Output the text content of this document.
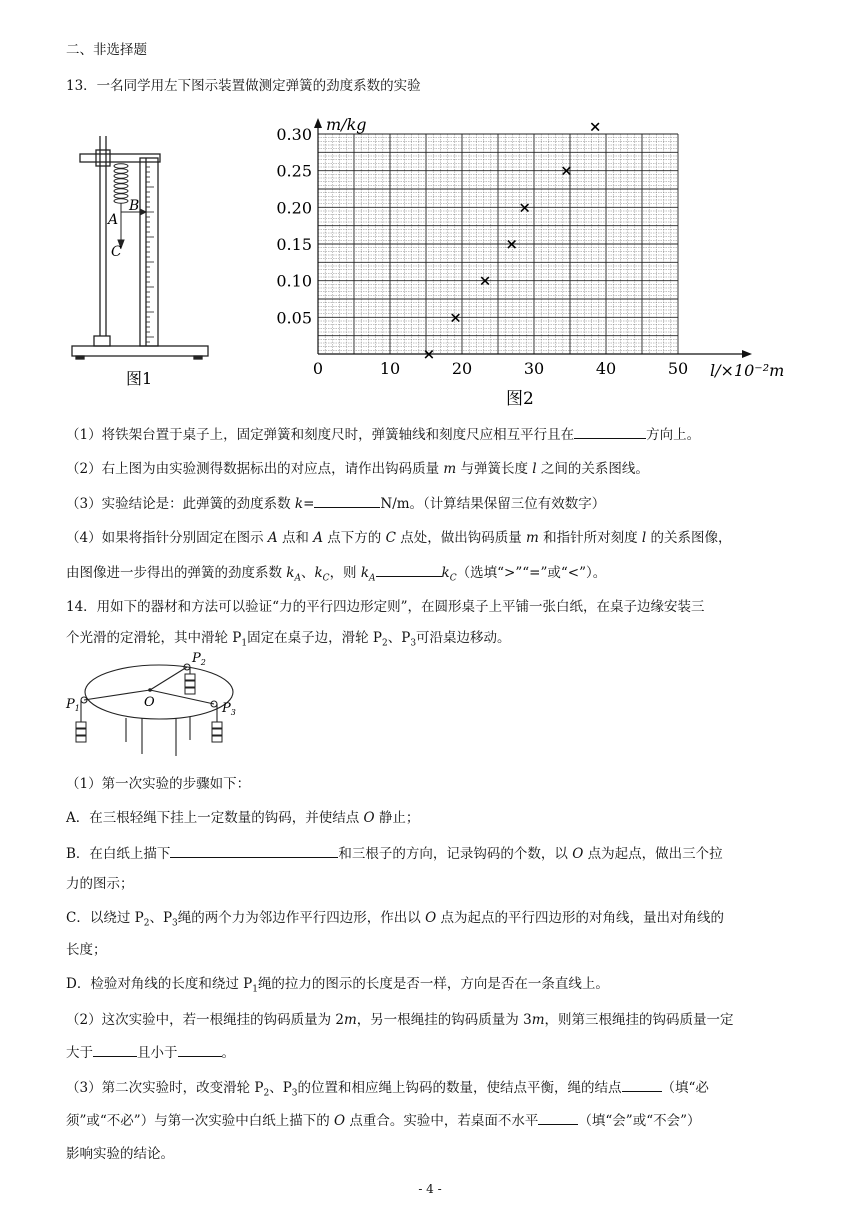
二、非选择题
13．一名同学用左下图示装置做测定弹簧的劲度系数的实验
B
A
C
图1
0	10	20	30	40	50
0.05
0.10
0.15
0.20
0.25
0.30
×
×
×
×
×
×
×
m/kg
l/×10⁻²m
图2
（1）将铁架台置于桌子上，固定弹簧和刻度尺时，弹簧轴线和刻度尺应相互平行且在	方向上。
（2）右上图为由实验测得数据标出的对应点，请作出钩码质量 m 与弹簧长度 l 之间的关系图线。
（3）实验结论是：此弹簧的劲度系数 k=	N/m。（计算结果保留三位有效数字）
（4）如果将指针分别固定在图示 A 点和 A 点下方的 C 点处，做出钩码质量 m 和指针所对刻度 l 的关系图像，
由图像进一步得出的弹簧的劲度系数 $k_A$、$k_C$，则 $k_A$	$k_C$（选填“>”“=”或“<”）。
14．用如下的器材和方法可以验证“力的平行四边形定则”，在圆形桌子上平铺一张白纸，在桌子边缘安装三
个光滑的定滑轮，其中滑轮 $P_1$固定在桌子边，滑轮 $P_2$、$P_3$可沿桌边移动。
$P_1$
$P_2$
$P_3$
O
（1）第一次实验的步骤如下：
A．在三根轻绳下挂上一定数量的钩码，并使结点 O 静止；
B．在白纸上描下	和三根子的方向，记录钩码的个数，以 O 点为起点，做出三个拉
力的图示；
C．以绕过 $P_2$、$P_3$绳的两个力为邻边作平行四边形，作出以 O 点为起点的平行四边形的对角线，量出对角线的
长度；
D．检验对角线的长度和绕过 $P_1$绳的拉力的图示的长度是否一样，方向是否在一条直线上。
（2）这次实验中，若一根绳挂的钩码质量为 2m，另一根绳挂的钩码质量为 3m，则第三根绳挂的钩码质量一定
大于	且小于	。
（3）第二次实验时，改变滑轮 $P_2$、$P_3$的位置和相应绳上钩码的数量，使结点平衡，绳的结点	（填“必
须”或“不必”）与第一次实验中白纸上描下的 O 点重合。实验中，若桌面不水平	（填“会”或“不会”）
影响实验的结论。
- 4 -
